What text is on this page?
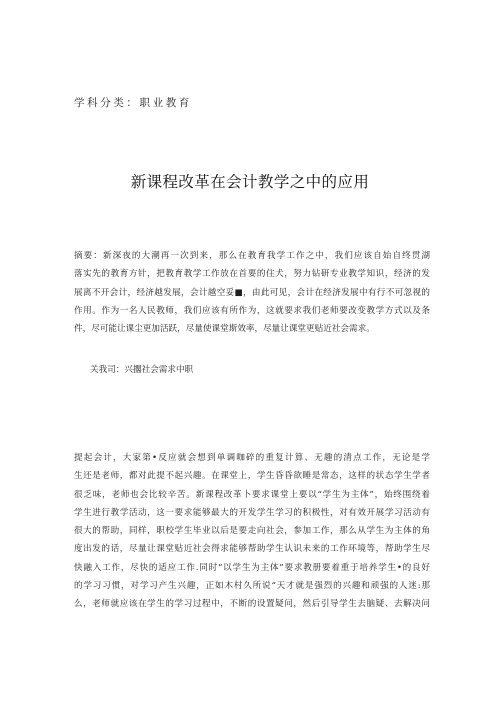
学科分类：职业教育
新课程改革在会计教学之中的应用
摘要：新深夜的大潮再一次到来，那么在教育我学工作之中，我们应该自始自终贯湖
落实先的教育方针，把教育教学工作放在首要的住犬，努力钻研专业教学知识，经济的发
展离不开会计，经济越发展，会计越空妥■，由此可见，会计在经济发展中有行不可忽视的
作用。作为一名人民教师，我们应该有所作为，这就要求我们老师要改变教学方式以及条
件，尽可能让课尘更加活跃，尽量使课堂斯效率，尽量让课堂更贴近社会需求。
关我司：兴擱社会需求中职
提起会计，大家第•反应就会想到单调咖碎的重复计算、无趣的清点工作，无论是学
生还是老师，都对此提不起兴趣。在课堂上，学生昏昏欲睡是常态，这样的状态学生学者
很乏味，老师也会比较辛苦。新课程改革卜要求课堂上要以“学生为主体”，始终围绕着
学生进行教学活动，这一要求能够最大的开发学生学习的积极性，对有效开展学习活动有
很大的帮助，同样，职校学生毕业以后是要走向社会，参加工作，那么从学生为主体的角
度出发的话，尽量让课堂贴近社会得求能够帮助学生认识未来的工作环境等，帮助学生尽
快融入工作，尽快的适应工作.同时“以学生为主体”要求教册要着重于培养学生•的良好
的学习习惯，对学习产生兴趣，正如木村久所说“天才就是强烈的兴趣和顽强的人迷:那
么，老师就应该在学生的学习过程中，不断的设置疑问，然后引导学生去脑疑、去解决问
